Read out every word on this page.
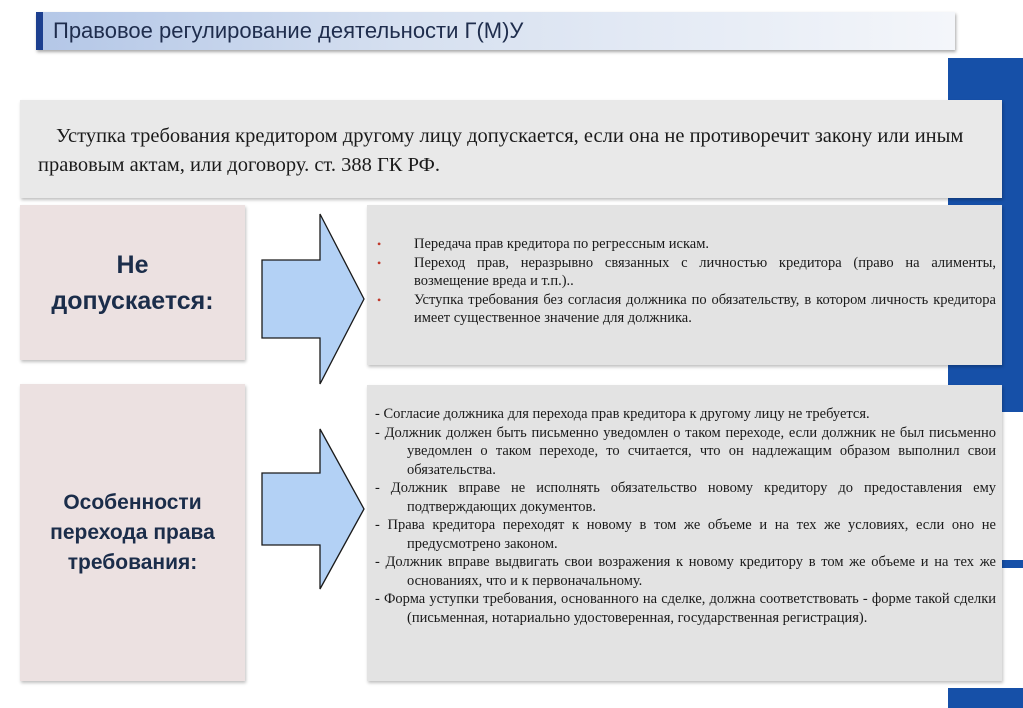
Правовое регулирование деятельности Г(М)У
Уступка требования кредитором другому лицу допускается, если она не противоречит закону или иным правовым актам, или договору. ст. 388 ГК РФ.
Не допускается:
• Передача прав кредитора по регрессным искам.
• Переход прав, неразрывно связанных с личностью кредитора (право на алименты, возмещение вреда и т.п.)..
• Уступка требования без согласия должника по обязательству, в котором личность кредитора имеет существенное значение для должника.
Особенности перехода права требования:
- Согласие должника для перехода прав кредитора к другому лицу не требуется.
- Должник должен быть письменно уведомлен о таком переходе, если должник не был письменно уведомлен о таком переходе, то считается, что он надлежащим образом выполнил свои обязательства.
- Должник вправе не исполнять обязательство новому кредитору до предоставления ему подтверждающих документов.
- Права кредитора переходят к новому в том же объеме и на тех же условиях, если оно не предусмотрено законом.
- Должник вправе выдвигать свои возражения к новому кредитору в том же объеме и на тех же основаниях, что и к первоначальному.
- Форма уступки требования, основанного на сделке, должна соответствовать - форме такой сделки (письменная, нотариально удостоверенная, государственная регистрация).
